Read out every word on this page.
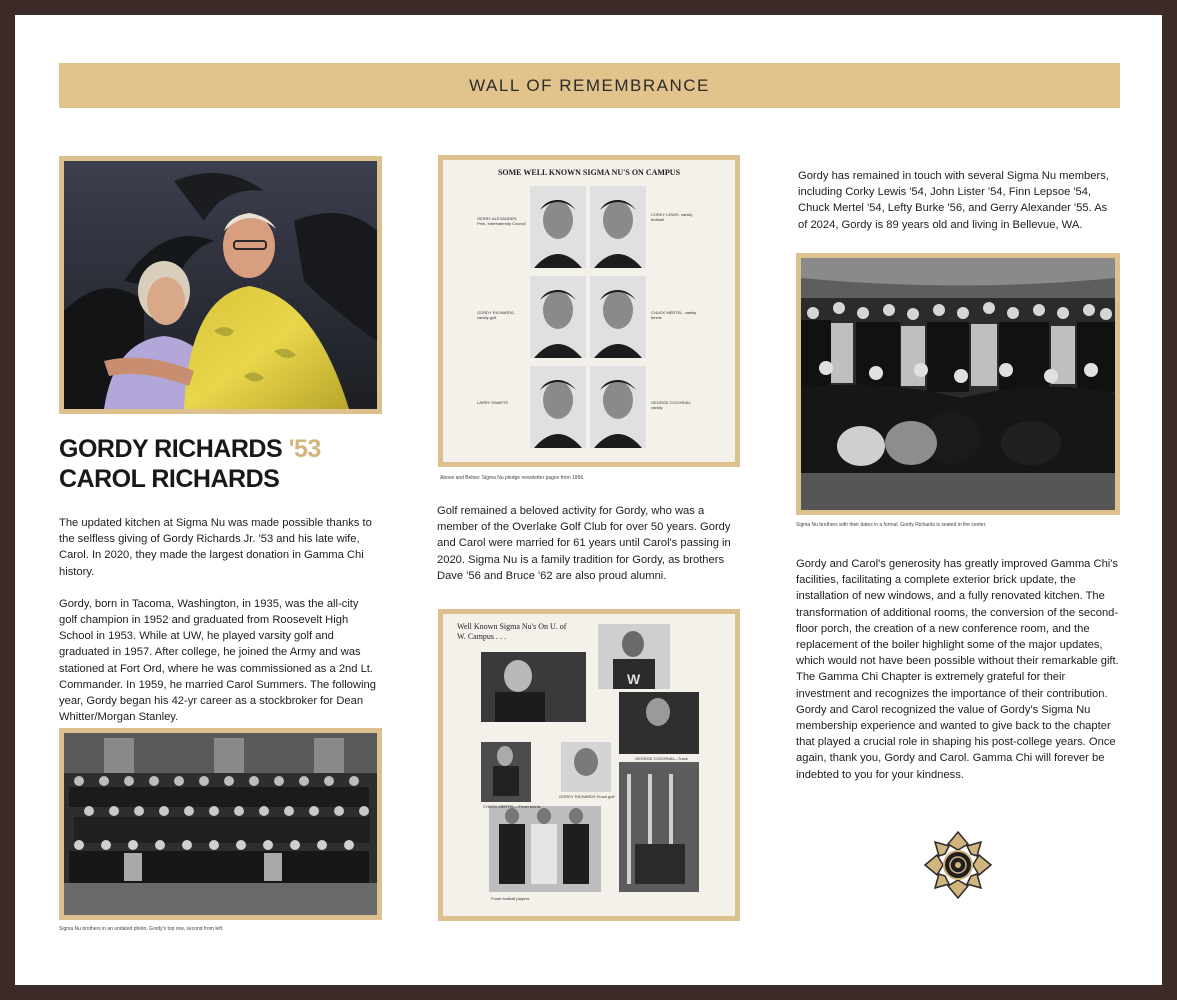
WALL OF REMEMBRANCE
GORDY RICHARDS '53
CAROL RICHARDS

The updated kitchen at Sigma Nu was made possible thanks to the selfless giving of Gordy Richards Jr. '53 and his late wife, Carol. In 2020, they made the largest donation in Gamma Chi history.

Gordy, born in Tacoma, Washington, in 1935, was the all-city golf champion in 1952 and graduated from Roosevelt High School in 1953. While at UW, he played varsity golf and graduated in 1957. After college, he joined the Army and was stationed at Fort Ord, where he was commissioned as a 2nd Lt. Commander. In 1959, he married Carol Summers. The following year, Gordy began his 42-yr career as a stockbroker for Dean Whitter/Morgan Stanley.

Sigma Nu brothers in an undated photo. Gordy's top row, second from left.
SOME WELL KNOWN SIGMA NU'S ON CAMPUS
GERRY ALEXANDER, Pres. Interfraternity Council
CORKY LEWIS, varsity football
GORDY RICHARDS, varsity golf
CHUCK MERTEL, varsity tennis
GEORGE COCHRAN, varsity
LARRY SWARTZ
Above and Below: Sigma Nu pledge newsletter pages from 1956.

Golf remained a beloved activity for Gordy, who was a member of the Overlake Golf Club for over 50 years. Gordy and Carol were married for 61 years until Carol's passing in 2020. Sigma Nu is a family tradition for Gordy, as brothers Dave '56 and Bruce '62 are also proud alumni.

Well Known Sigma Nu's On U. of W. Campus . . .
W
GORDY RICHARDS Frosh golf
GEORGE COCHRAN—Track
CHUCK MERTEL—Frosh tennis
Frosh football players

Gordy has remained in touch with several Sigma Nu members, including Corky Lewis '54, John Lister '54, Finn Lepsoe '54, Chuck Mertel '54, Lefty Burke '56, and Gerry Alexander '55. As of 2024, Gordy is 89 years old and living in Bellevue, WA.

Sigma Nu brothers with their dates in a formal. Gordy Richards is seated in the center.

Gordy and Carol's generosity has greatly improved Gamma Chi's facilities, facilitating a complete exterior brick update, the installation of new windows, and a fully renovated kitchen. The transformation of additional rooms, the conversion of the second-floor porch, the creation of a new conference room, and the replacement of the boiler highlight some of the major updates, which would not have been possible without their remarkable gift. The Gamma Chi Chapter is extremely grateful for their investment and recognizes the importance of their contribution. Gordy and Carol recognized the value of Gordy's Sigma Nu membership experience and wanted to give back to the chapter that played a crucial role in shaping his post-college years. Once again, thank you, Gordy and Carol. Gamma Chi will forever be indebted to you for your kindness.
